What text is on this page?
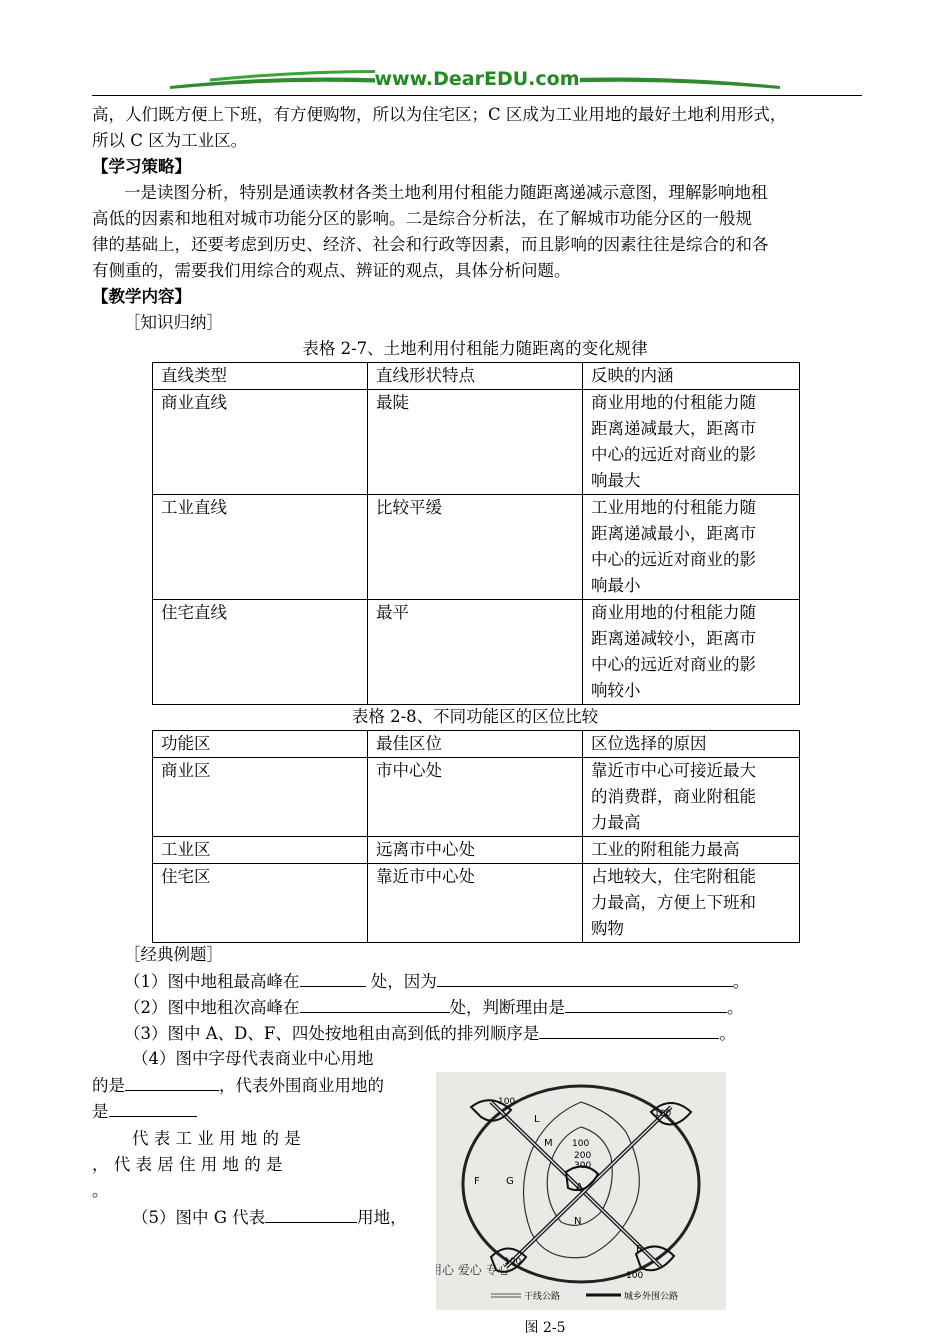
www.DearEDU.com
高，人们既方便上下班，有方便购物，所以为住宅区；C 区成为工业用地的最好土地利用形式，
所以 C 区为工业区。
【学习策略】
一是读图分析，特别是通读教材各类土地利用付租能力随距离递减示意图，理解影响地租
高低的因素和地租对城市功能分区的影响。二是综合分析法，在了解城市功能分区的一般规
律的基础上，还要考虑到历史、经济、社会和行政等因素，而且影响的因素往往是综合的和各
有侧重的，需要我们用综合的观点、辨证的观点，具体分析问题。
【教学内容】
［知识归纳］
表格 2-7、土地利用付租能力随距离的变化规律
直线类型	直线形状特点	反映的内涵
商业直线	最陡	商业用地的付租能力随
距离递减最大，距离市
中心的远近对商业的影
响最大

工业直线	比较平缓	工业用地的付租能力随
距离递减最小，距离市
中心的远近对商业的影
响最小

住宅直线	最平	商业用地的付租能力随
距离递减较小，距离市
中心的远近对商业的影
响较小
表格 2-8、不同功能区的区位比较
功能区	最佳区位	区位选择的原因
商业区	市中心处	靠近市中心可接近最大
的消费群，商业附租能
力最高

工业区	远离市中心处	工业的附租能力最高

住宅区	靠近市中心处	占地较大，住宅附租能
力最高，方便上下班和
购物
［经典例题］
（1）图中地租最高峰在	处，因为	。
（2）图中地租次高峰在	处，判断理由是	。
（3）图中 A、D、F、四处按地租由高到低的排列顺序是	。
（4）图中字母代表商业中心用地
的是	，代表外围商业用地的
是
代 表 工 业 用 地 的 是
， 代 表 居 住 用 地 的 是
。
（5）图中 G 代表	用地，
100
100
100
200
300
100
100
L
M
F	G
A
N
B
用心 爱心 专心
干线公路	城乡外围公路
图 2-5
